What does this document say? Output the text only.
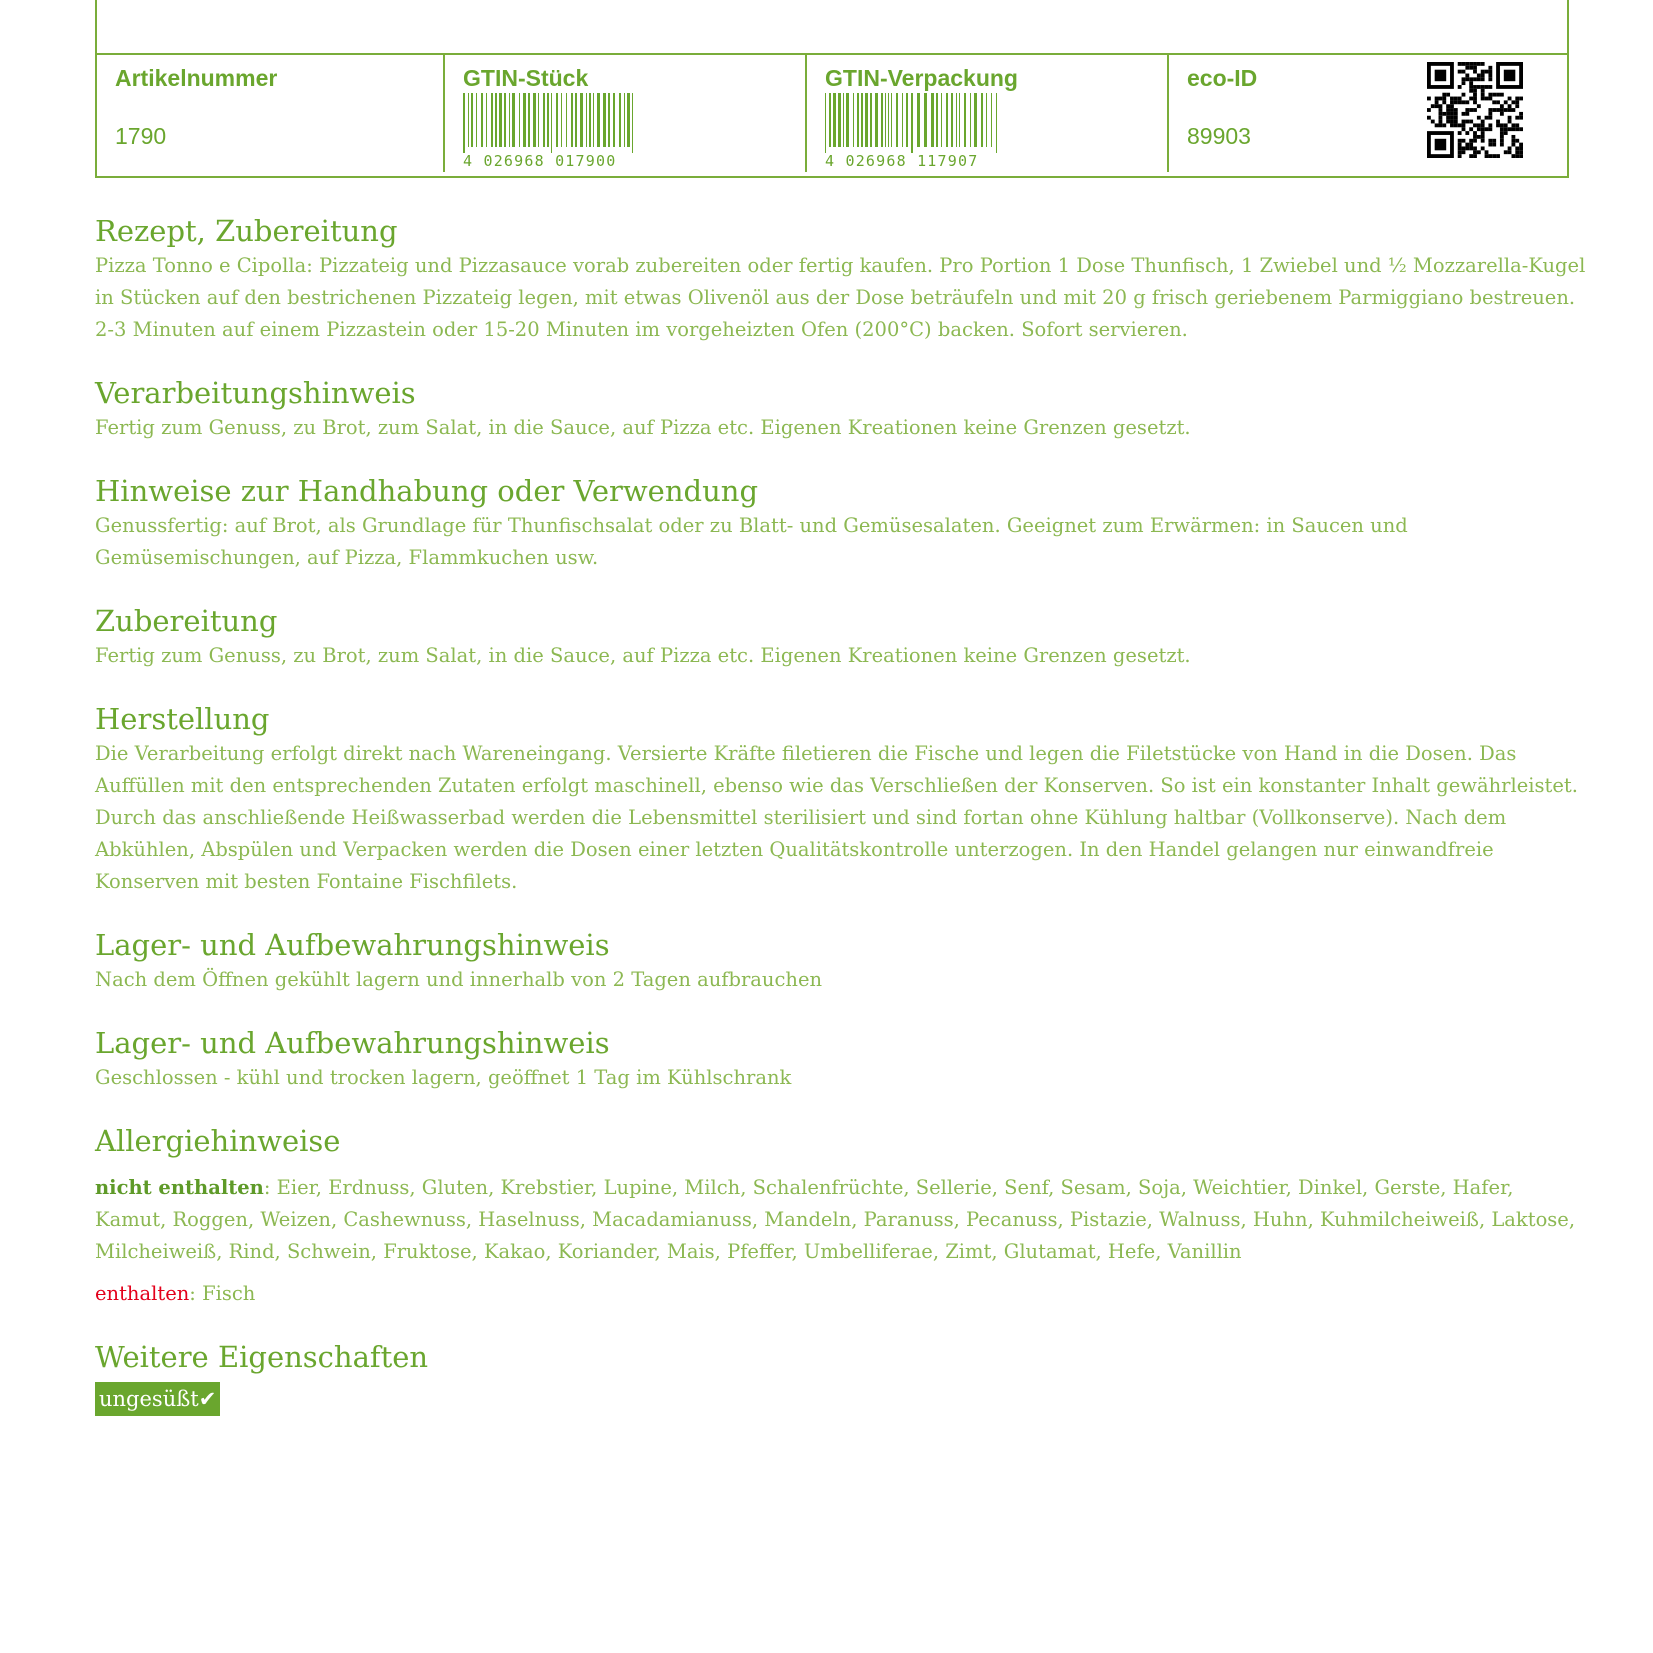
Artikelnummer
1790
GTIN-Stück
4 026968 017900
GTIN-Verpackung
4 026968 117907
eco-ID
89903
Rezept, Zubereitung

Pizza Tonno e Cipolla: Pizzateig und Pizzasauce vorab zubereiten oder fertig kaufen. Pro Portion 1 Dose Thunfisch, 1 Zwiebel und ½ Mozzarella-Kugel in Stücken auf den bestrichenen Pizzateig legen, mit etwas Olivenöl aus der Dose beträufeln und mit 20 g frisch geriebenem Parmiggiano bestreuen. 2-3 Minuten auf einem Pizzastein oder 15-20 Minuten im vorgeheizten Ofen (200°C) backen. Sofort servieren.

Verarbeitungshinweis

Fertig zum Genuss, zu Brot, zum Salat, in die Sauce, auf Pizza etc. Eigenen Kreationen keine Grenzen gesetzt.

Hinweise zur Handhabung oder Verwendung

Genussfertig: auf Brot, als Grundlage für Thunfischsalat oder zu Blatt- und Gemüsesalaten. Geeignet zum Erwärmen: in Saucen und Gemüsemischungen, auf Pizza, Flammkuchen usw.

Zubereitung

Fertig zum Genuss, zu Brot, zum Salat, in die Sauce, auf Pizza etc. Eigenen Kreationen keine Grenzen gesetzt.

Herstellung

Die Verarbeitung erfolgt direkt nach Wareneingang. Versierte Kräfte filetieren die Fische und legen die Filetstücke von Hand in die Dosen. Das Auffüllen mit den entsprechenden Zutaten erfolgt maschinell, ebenso wie das Verschließen der Konserven. So ist ein konstanter Inhalt gewährleistet. Durch das anschließende Heißwasserbad werden die Lebensmittel sterilisiert und sind fortan ohne Kühlung haltbar (Vollkonserve). Nach dem Abkühlen, Abspülen und Verpacken werden die Dosen einer letzten Qualitätskontrolle unterzogen. In den Handel gelangen nur einwandfreie Konserven mit besten Fontaine Fischfilets.

Lager- und Aufbewahrungshinweis

Nach dem Öffnen gekühlt lagern und innerhalb von 2 Tagen aufbrauchen

Lager- und Aufbewahrungshinweis

Geschlossen - kühl und trocken lagern, geöffnet 1 Tag im Kühlschrank

Allergiehinweise

nicht enthalten: Eier, Erdnuss, Gluten, Krebstier, Lupine, Milch, Schalenfrüchte, Sellerie, Senf, Sesam, Soja, Weichtier, Dinkel, Gerste, Hafer, Kamut, Roggen, Weizen, Cashewnuss, Haselnuss, Macadamianuss, Mandeln, Paranuss, Pecanuss, Pistazie, Walnuss, Huhn, Kuhmilcheiweiß, Laktose, Milcheiweiß, Rind, Schwein, Fruktose, Kakao, Koriander, Mais, Pfeffer, Umbelliferae, Zimt, Glutamat, Hefe, Vanillin

enthalten: Fisch

Weitere Eigenschaften
ungesüßt✔
